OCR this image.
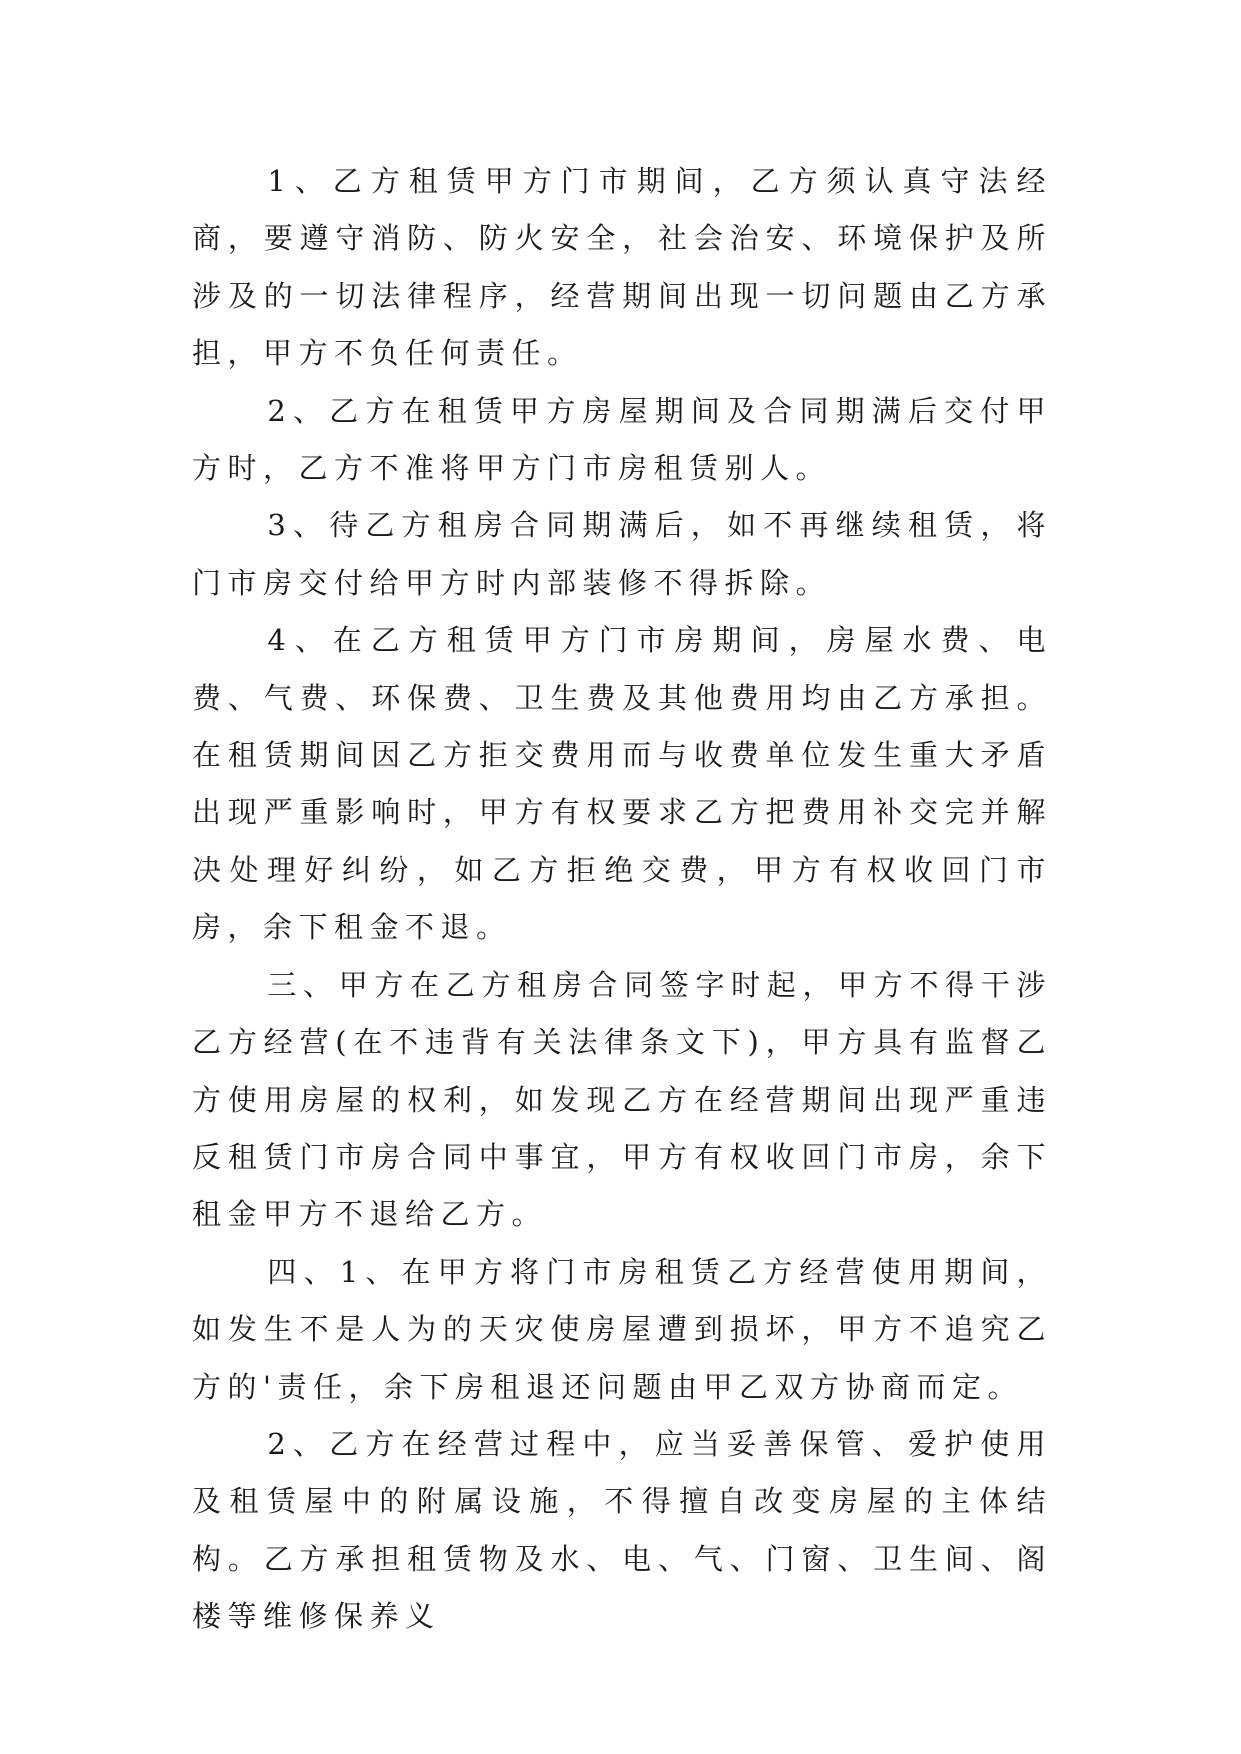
1、乙方租赁甲方门市期间，乙方须认真守法经商，要遵守消防、防火安全，社会治安、环境保护及所涉及的一切法律程序，经营期间出现一切问题由乙方承担，甲方不负任何责任。

2、乙方在租赁甲方房屋期间及合同期满后交付甲方时，乙方不准将甲方门市房租赁别人。

3、待乙方租房合同期满后，如不再继续租赁，将门市房交付给甲方时内部装修不得拆除。

4、在乙方租赁甲方门市房期间，房屋水费、电费、气费、环保费、卫生费及其他费用均由乙方承担。在租赁期间因乙方拒交费用而与收费单位发生重大矛盾出现严重影响时，甲方有权要求乙方把费用补交完并解决处理好纠纷，如乙方拒绝交费，甲方有权收回门市房，余下租金不退。

三、甲方在乙方租房合同签字时起，甲方不得干涉乙方经营(在不违背有关法律条文下)，甲方具有监督乙方使用房屋的权利，如发现乙方在经营期间出现严重违反租赁门市房合同中事宜，甲方有权收回门市房，余下租金甲方不退给乙方。

四、1、在甲方将门市房租赁乙方经营使用期间，如发生不是人为的天灾使房屋遭到损坏，甲方不追究乙方的'责任，余下房租退还问题由甲乙双方协商而定。

2、乙方在经营过程中，应当妥善保管、爱护使用及租赁屋中的附属设施，不得擅自改变房屋的主体结构。乙方承担租赁物及水、电、气、门窗、卫生间、阁楼等维修保养义
